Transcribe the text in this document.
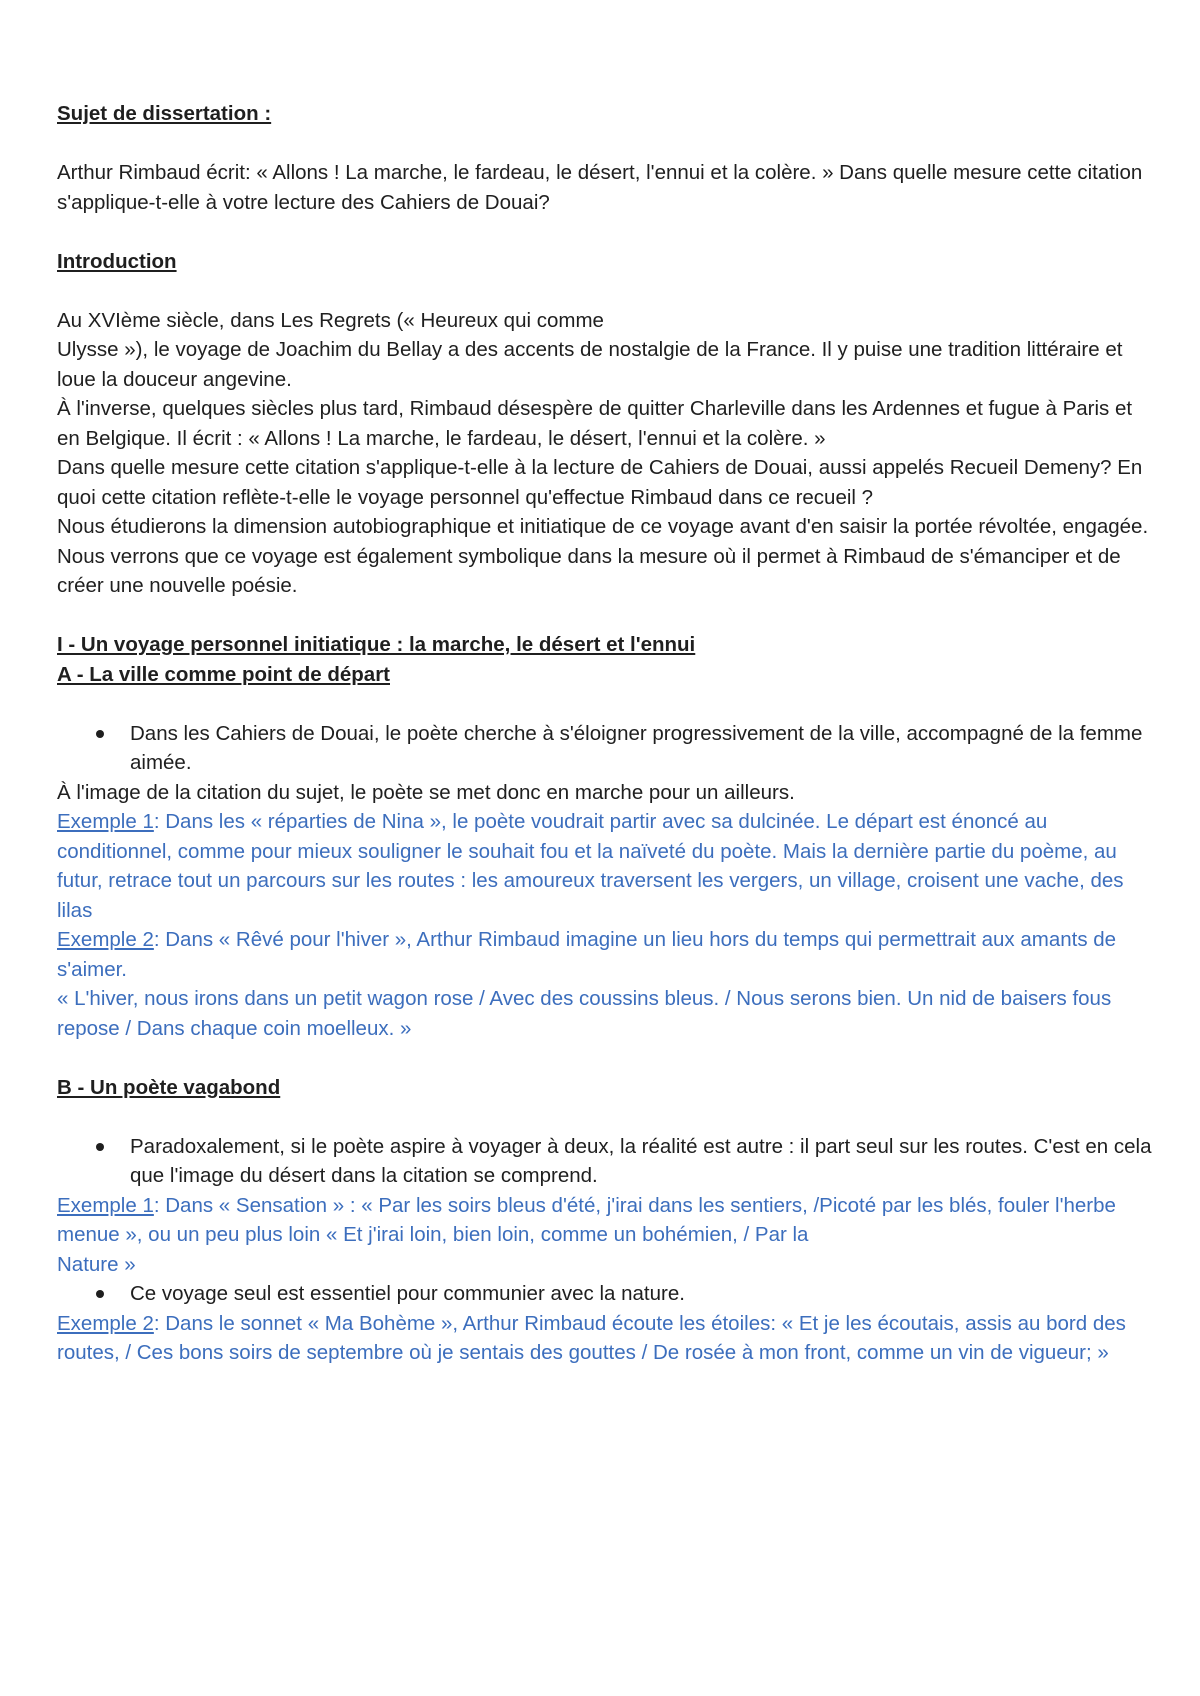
Sujet de dissertation :

Arthur Rimbaud écrit: « Allons ! La marche, le fardeau, le désert, l'ennui et la colère. » Dans quelle mesure cette citation s'applique-t-elle à votre lecture des Cahiers de Douai?

Introduction

Au XVIème siècle, dans Les Regrets (« Heureux qui comme

Ulysse »), le voyage de Joachim du Bellay a des accents de nostalgie de la France. Il y puise une tradition littéraire et loue la douceur angevine.

À l'inverse, quelques siècles plus tard, Rimbaud désespère de quitter Charleville dans les Ardennes et fugue à Paris et en Belgique. Il écrit : « Allons ! La marche, le fardeau, le désert, l'ennui et la colère. »

Dans quelle mesure cette citation s'applique-t-elle à la lecture de Cahiers de Douai, aussi appelés Recueil Demeny? En quoi cette citation reflète-t-elle le voyage personnel qu'effectue Rimbaud dans ce recueil ?

Nous étudierons la dimension autobiographique et initiatique de ce voyage avant d'en saisir la portée révoltée, engagée. Nous verrons que ce voyage est également symbolique dans la mesure où il permet à Rimbaud de s'émanciper et de créer une nouvelle poésie.

I - Un voyage personnel initiatique : la marche, le désert et l'ennui

A - La ville comme point de départ

Dans les Cahiers de Douai, le poète cherche à s'éloigner progressivement de la ville, accompagné de la femme aimée.

À l'image de la citation du sujet, le poète se met donc en marche pour un ailleurs.

Exemple 1: Dans les « réparties de Nina », le poète voudrait partir avec sa dulcinée. Le départ est énoncé au conditionnel, comme pour mieux souligner le souhait fou et la naïveté du poète. Mais la dernière partie du poème, au futur, retrace tout un parcours sur les routes : les amoureux traversent les vergers, un village, croisent une vache, des lilas

Exemple 2: Dans « Rêvé pour l'hiver », Arthur Rimbaud imagine un lieu hors du temps qui permettrait aux amants de s'aimer.

« L'hiver, nous irons dans un petit wagon rose / Avec des coussins bleus. / Nous serons bien. Un nid de baisers fous repose / Dans chaque coin moelleux. »

B - Un poète vagabond

Paradoxalement, si le poète aspire à voyager à deux, la réalité est autre : il part seul sur les routes. C'est en cela que l'image du désert dans la citation se comprend.

Exemple 1: Dans « Sensation » : « Par les soirs bleus d'été, j'irai dans les sentiers, /Picoté par les blés, fouler l'herbe menue », ou un peu plus loin « Et j'irai loin, bien loin, comme un bohémien, / Par la

Nature »

Ce voyage seul est essentiel pour communier avec la nature.

Exemple 2: Dans le sonnet « Ma Bohème », Arthur Rimbaud écoute les étoiles: « Et je les écoutais, assis au bord des routes, / Ces bons soirs de septembre où je sentais des gouttes / De rosée à mon front, comme un vin de vigueur; »
